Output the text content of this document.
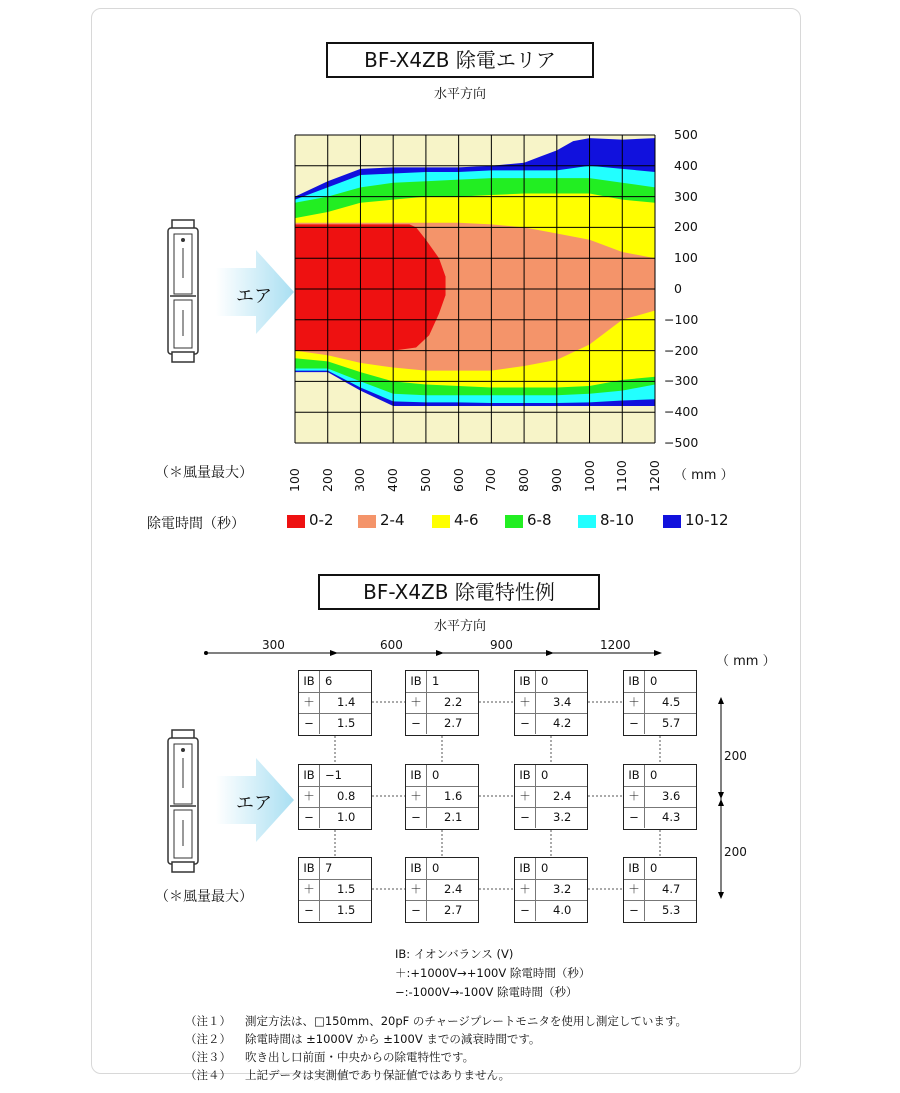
BF-X4ZB 除電エリア
水平方向
エア
500
400
300
200
100
0
−100
−200
−300
−400
−500
100 200 300 400 500 600 700 800 900 1000 1100 1200 （ mm ）
（＊風量最大）
除電時間（秒）	0-2	2-4	4-6	6-8	8-10	10-12
BF-X4ZB 除電特性例
水平方向
300	600	900	1200
（ mm ）
エア
（＊風量最大）
IB 6
＋	1.4
−	1.5
IB 1
＋	2.2
−	2.7
IB 0
＋	3.4
−	4.2
IB 0
＋	4.5
−	5.7
IB −1
＋	0.8
−	1.0
IB 0
＋	1.6
−	2.1
IB 0
＋	2.4
−	3.2
IB 0
＋	3.6
−	4.3
IB 7
＋	1.5
−	1.5
IB 0
＋	2.4
−	2.7
IB 0
＋	3.2
−	4.0
IB 0
＋	4.7
−	5.3
200
200
IB: イオンバランス (V)
＋:+1000V→+100V 除電時間（秒）
−:-1000V→-100V 除電時間（秒）
（注１） 測定方法は、□150mm、20pF のチャージプレートモニタを使用し測定しています。
（注２） 除電時間は ±1000V から ±100V までの減衰時間です。
（注３） 吹き出し口前面・中央からの除電特性です。
（注４） 上記データは実測値であり保証値ではありません。
